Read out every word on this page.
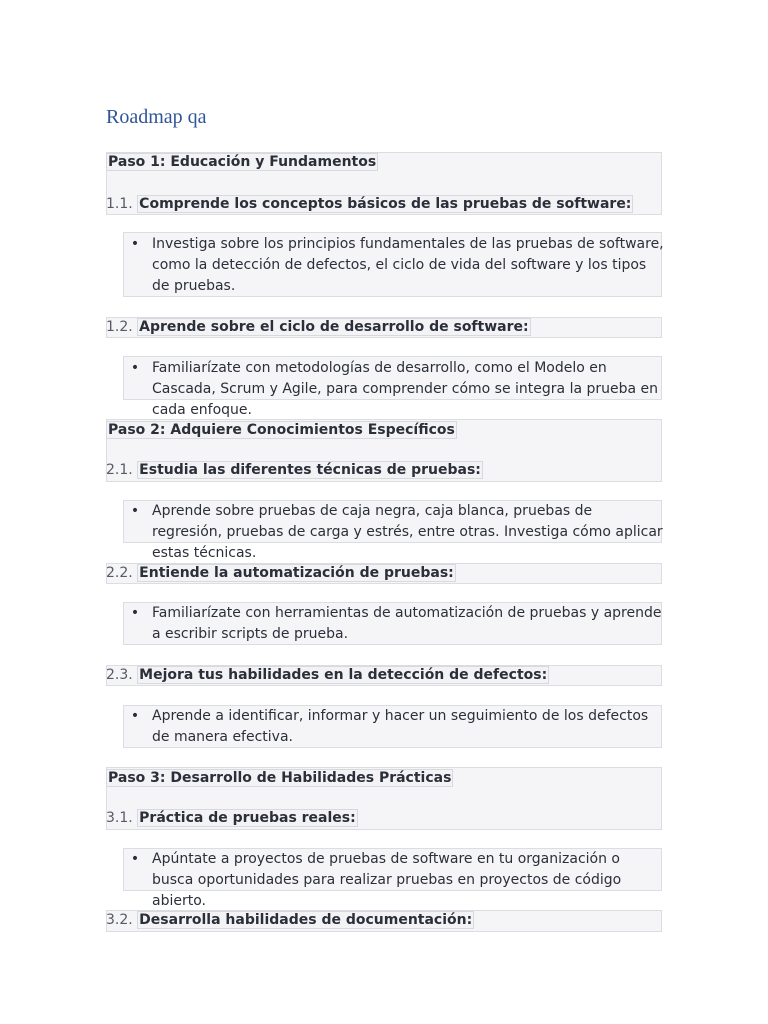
Roadmap qa
Paso 1: Educación y Fundamentos
1.1. Comprende los conceptos básicos de las pruebas de software:
• Investiga sobre los principios fundamentales de las pruebas de software, como la detección de defectos, el ciclo de vida del software y los tipos de pruebas.
1.2. Aprende sobre el ciclo de desarrollo de software:
• Familiarízate con metodologías de desarrollo, como el Modelo en Cascada, Scrum y Agile, para comprender cómo se integra la prueba en cada enfoque.
Paso 2: Adquiere Conocimientos Específicos
2.1. Estudia las diferentes técnicas de pruebas:
• Aprende sobre pruebas de caja negra, caja blanca, pruebas de regresión, pruebas de carga y estrés, entre otras. Investiga cómo aplicar estas técnicas.
2.2. Entiende la automatización de pruebas:
• Familiarízate con herramientas de automatización de pruebas y aprende a escribir scripts de prueba.
2.3. Mejora tus habilidades en la detección de defectos:
• Aprende a identificar, informar y hacer un seguimiento de los defectos de manera efectiva.
Paso 3: Desarrollo de Habilidades Prácticas
3.1. Práctica de pruebas reales:
• Apúntate a proyectos de pruebas de software en tu organización o busca oportunidades para realizar pruebas en proyectos de código abierto.
3.2. Desarrolla habilidades de documentación:
